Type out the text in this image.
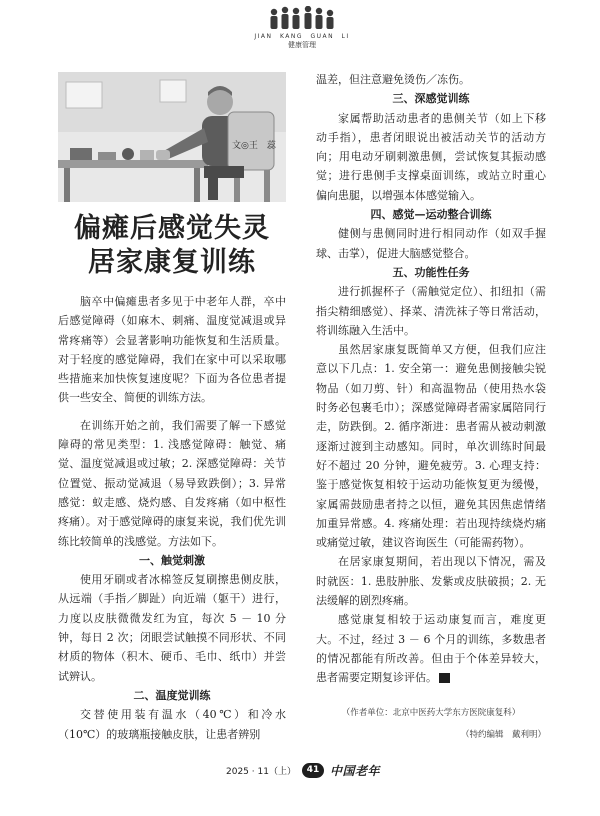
JIAN KANG GUAN LI
健康管理
文◎王　蕊
偏瘫后感觉失灵
居家康复训练

脑卒中偏瘫患者多见于中老年人群，卒中后感觉障碍（如麻木、刺痛、温度觉减退或异常疼痛等）会显著影响功能恢复和生活质量。对于轻度的感觉障碍，我们在家中可以采取哪些措施来加快恢复速度呢？下面为各位患者提供一些安全、简便的训练方法。

在训练开始之前，我们需要了解一下感觉障碍的常见类型：1. 浅感觉障碍：触觉、痛觉、温度觉减退或过敏；2. 深感觉障碍：关节位置觉、振动觉减退（易导致跌倒）；3. 异常感觉：蚁走感、烧灼感、自发疼痛（如中枢性疼痛）。对于感觉障碍的康复来说，我们优先训练比较简单的浅感觉。方法如下。

一、触觉刺激

使用牙刷或者冰棉签反复刷擦患侧皮肤，从远端（手指／脚趾）向近端（躯干）进行，力度以皮肤微微发红为宜，每次 5 － 10 分钟，每日 2 次；闭眼尝试触摸不同形状、不同材质的物体（积木、硬币、毛巾、纸巾）并尝试辨认。

二、温度觉训练

交替使用装有温水（40℃）和冷水（10℃）的玻璃瓶接触皮肤，让患者辨别

温差，但注意避免烫伤／冻伤。

三、深感觉训练

家属帮助活动患者的患侧关节（如上下移动手指），患者闭眼说出被活动关节的活动方向；用电动牙刷刺激患侧，尝试恢复其振动感觉；进行患侧手支撑桌面训练，或站立时重心偏向患腿，以增强本体感觉输入。

四、感觉—运动整合训练

健侧与患侧同时进行相同动作（如双手握球、击掌），促进大脑感觉整合。

五、功能性任务

进行抓握杯子（需触觉定位）、扣纽扣（需指尖精细感觉）、择菜、清洗袜子等日常活动，将训练融入生活中。

虽然居家康复既简单又方便，但我们应注意以下几点：1. 安全第一：避免患侧接触尖锐物品（如刀剪、针）和高温物品（使用热水袋时务必包裹毛巾）；深感觉障碍者需家属陪同行走，防跌倒。2. 循序渐进：患者需从被动刺激逐渐过渡到主动感知。同时，单次训练时间最好不超过 20 分钟，避免疲劳。3. 心理支持：鉴于感觉恢复相较于运动功能恢复更为缓慢，家属需鼓励患者持之以恒，避免其因焦虑情绪加重异常感。4. 疼痛处理：若出现持续烧灼痛或痛觉过敏，建议咨询医生（可能需药物）。

在居家康复期间，若出现以下情况，需及时就医：1. 患肢肿胀、发紫或皮肤破损；2. 无法缓解的剧烈疼痛。

感觉康复相较于运动康复而言，难度更大。不过，经过 3 － 6 个月的训练，多数患者的情况都能有所改善。但由于个体差异较大，患者需要定期复诊评估。	ZG

（作者单位：北京中医药大学东方医院康复科）
（特约编辑　戴利明）
2025 · 11（上）	41 中国老年
